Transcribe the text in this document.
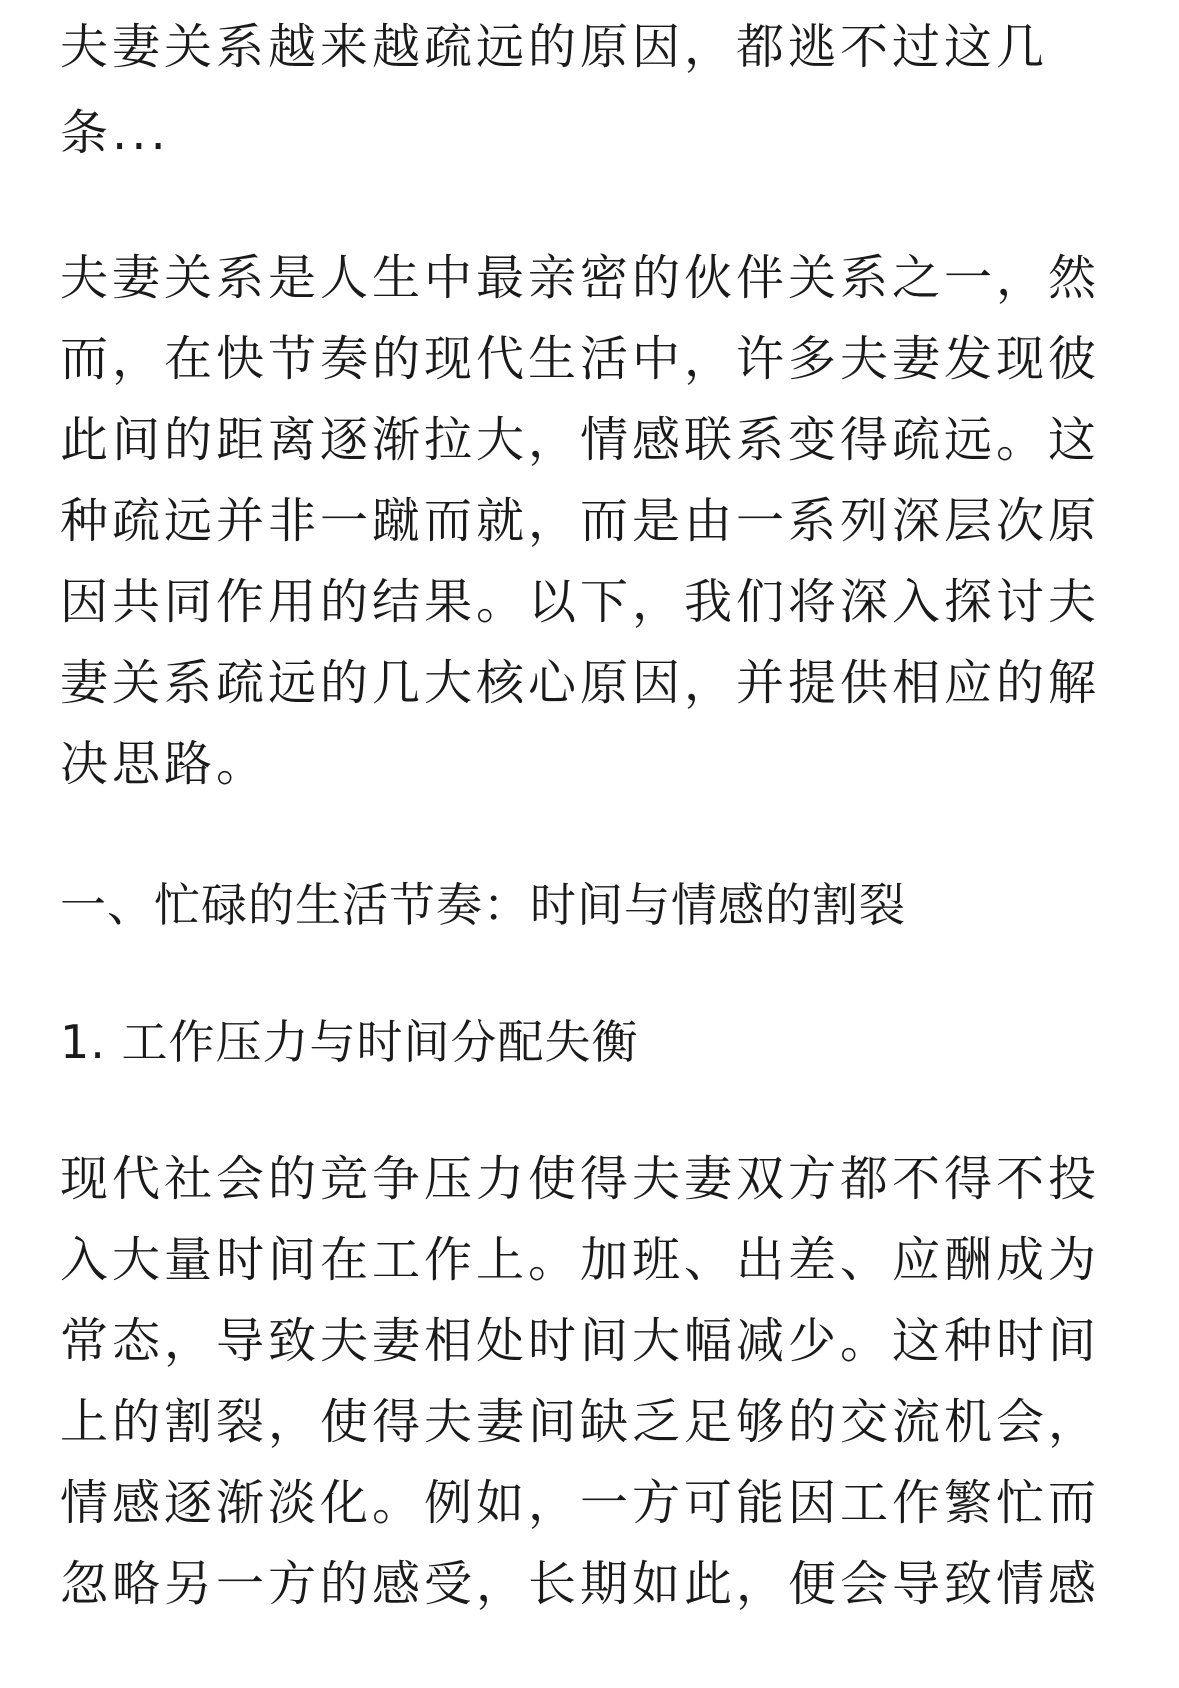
夫妻关系越来越疏远的原因，都逃不过这几条...

夫妻关系是人生中最亲密的伙伴关系之一，然而，在快节奏的现代生活中，许多夫妻发现彼此间的距离逐渐拉大，情感联系变得疏远。这种疏远并非一蹴而就，而是由一系列深层次原因共同作用的结果。以下，我们将深入探讨夫妻关系疏远的几大核心原因，并提供相应的解决思路。

一、忙碌的生活节奏：时间与情感的割裂
1. 工作压力与时间分配失衡

现代社会的竞争压力使得夫妻双方都不得不投入大量时间在工作上。加班、出差、应酬成为常态，导致夫妻相处时间大幅减少。这种时间上的割裂，使得夫妻间缺乏足够的交流机会，情感逐渐淡化。例如，一方可能因工作繁忙而忽略另一方的感受，长期如此，便会导致情感
